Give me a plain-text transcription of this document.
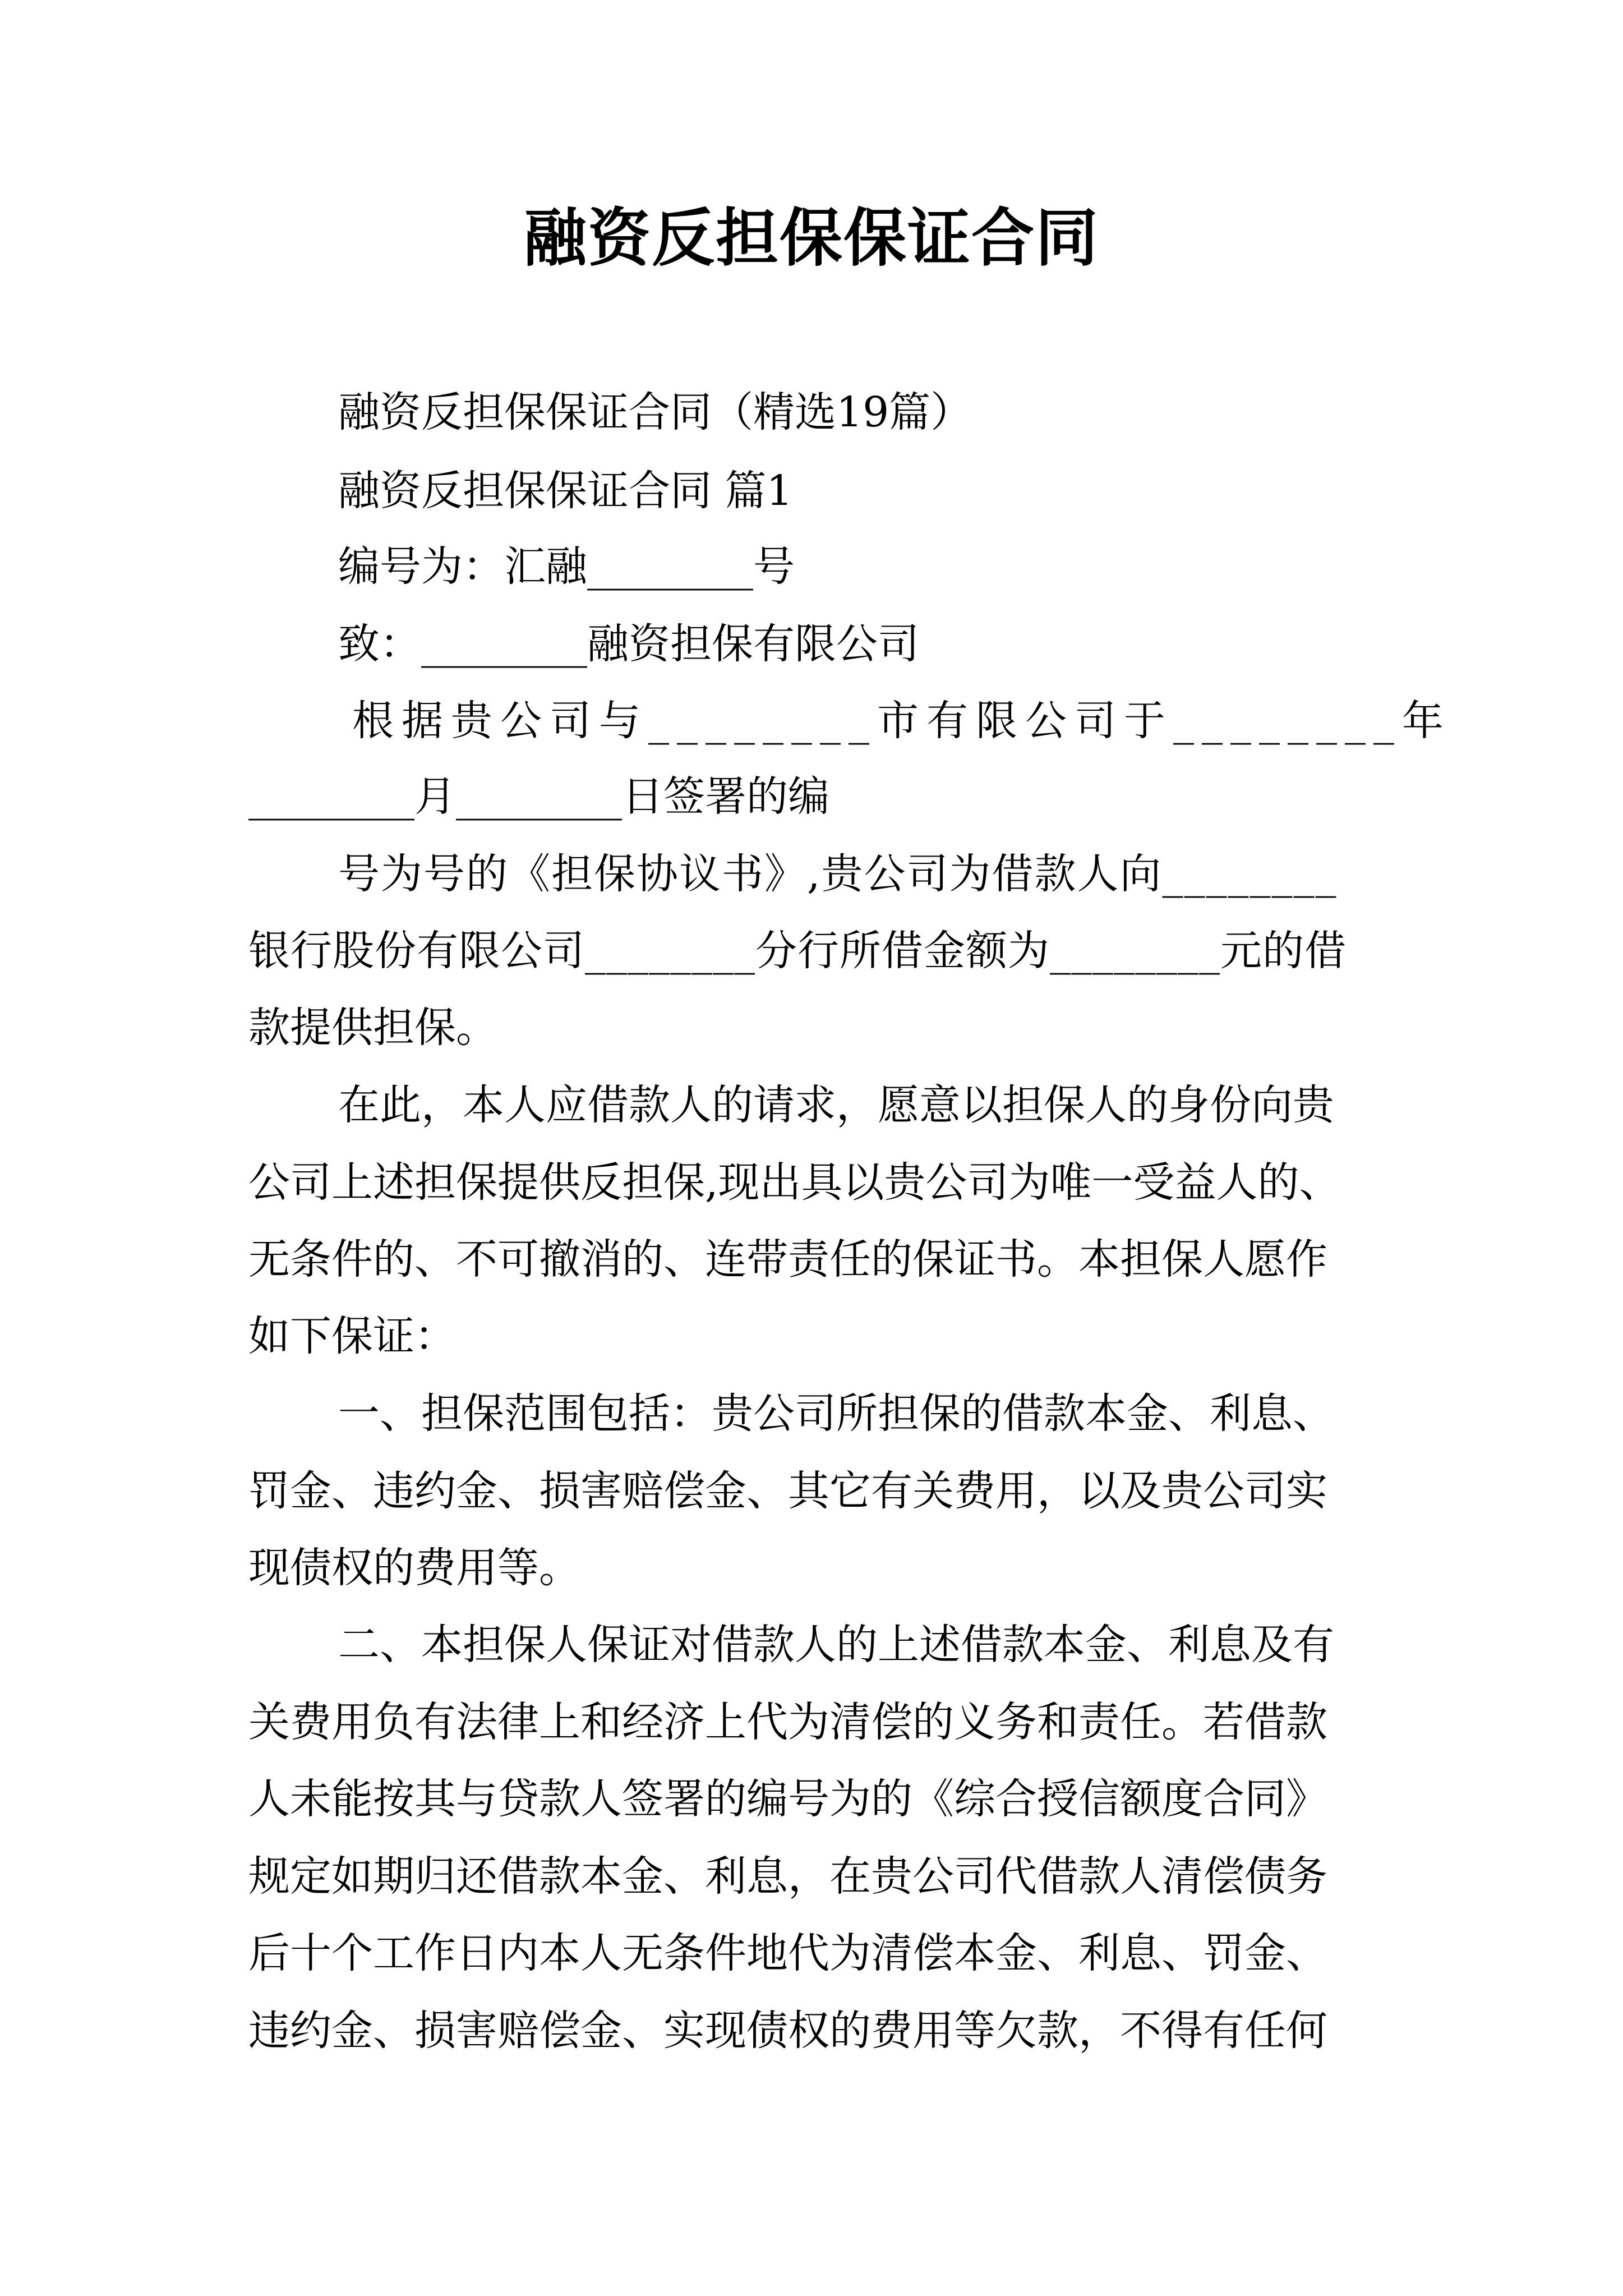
融资反担保保证合同
融资反担保保证合同（精选19篇）
融资反担保保证合同 篇1
编号为：汇融________号
致：________融资担保有限公司
根据贵公司与________市有限公司于________年
________月________日签署的编
号为号的《担保协议书》,贵公司为借款人向________
银行股份有限公司________分行所借金额为________元的借
款提供担保。
在此，本人应借款人的请求，愿意以担保人的身份向贵
公司上述担保提供反担保,现出具以贵公司为唯一受益人的、
无条件的、不可撤消的、连带责任的保证书。本担保人愿作
如下保证：
一、担保范围包括：贵公司所担保的借款本金、利息、
罚金、违约金、损害赔偿金、其它有关费用，以及贵公司实
现债权的费用等。
二、本担保人保证对借款人的上述借款本金、利息及有
关费用负有法律上和经济上代为清偿的义务和责任。若借款
人未能按其与贷款人签署的编号为的《综合授信额度合同》
规定如期归还借款本金、利息，在贵公司代借款人清偿债务
后十个工作日内本人无条件地代为清偿本金、利息、罚金、
违约金、损害赔偿金、实现债权的费用等欠款，不得有任何
